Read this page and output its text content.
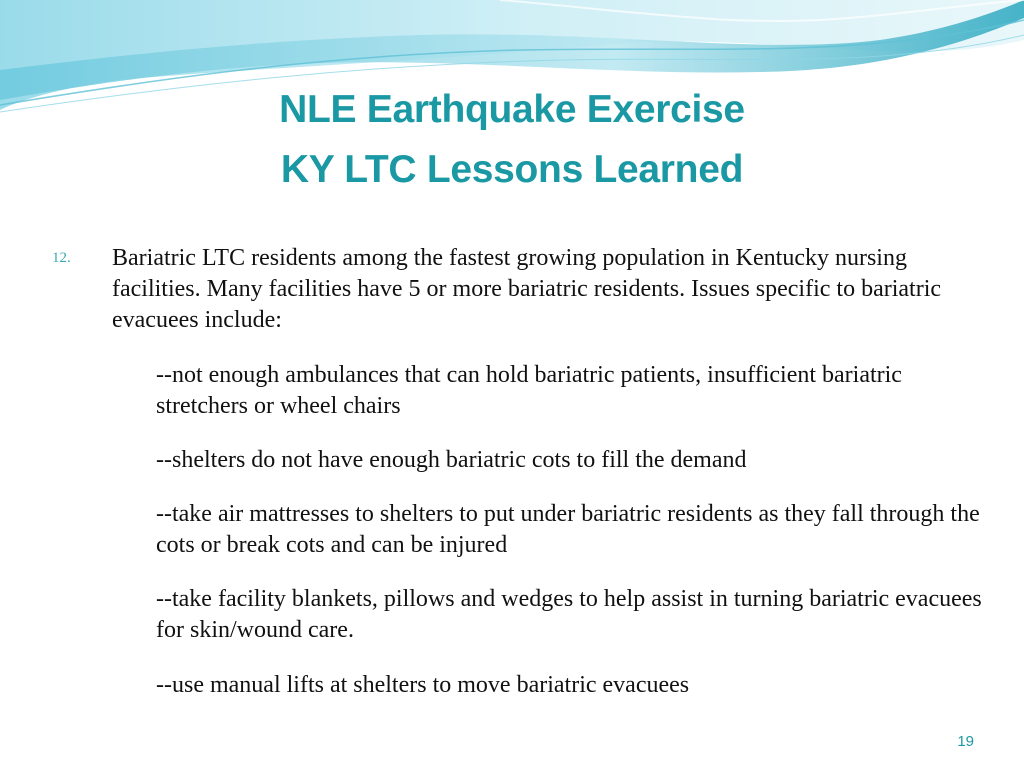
NLE Earthquake Exercise
KY LTC Lessons Learned
12. Bariatric LTC residents among the fastest growing population in Kentucky nursing facilities. Many facilities have 5 or more bariatric residents. Issues specific to bariatric evacuees include:
--not enough ambulances that can hold bariatric patients, insufficient bariatric stretchers or wheel chairs
--shelters do not have enough bariatric cots to fill the demand
--take air mattresses to shelters to put under bariatric residents as they fall through the cots or break cots and can be injured
--take facility blankets, pillows and wedges to help assist in turning bariatric evacuees for skin/wound care.
--use manual lifts at shelters to move bariatric evacuees
19
